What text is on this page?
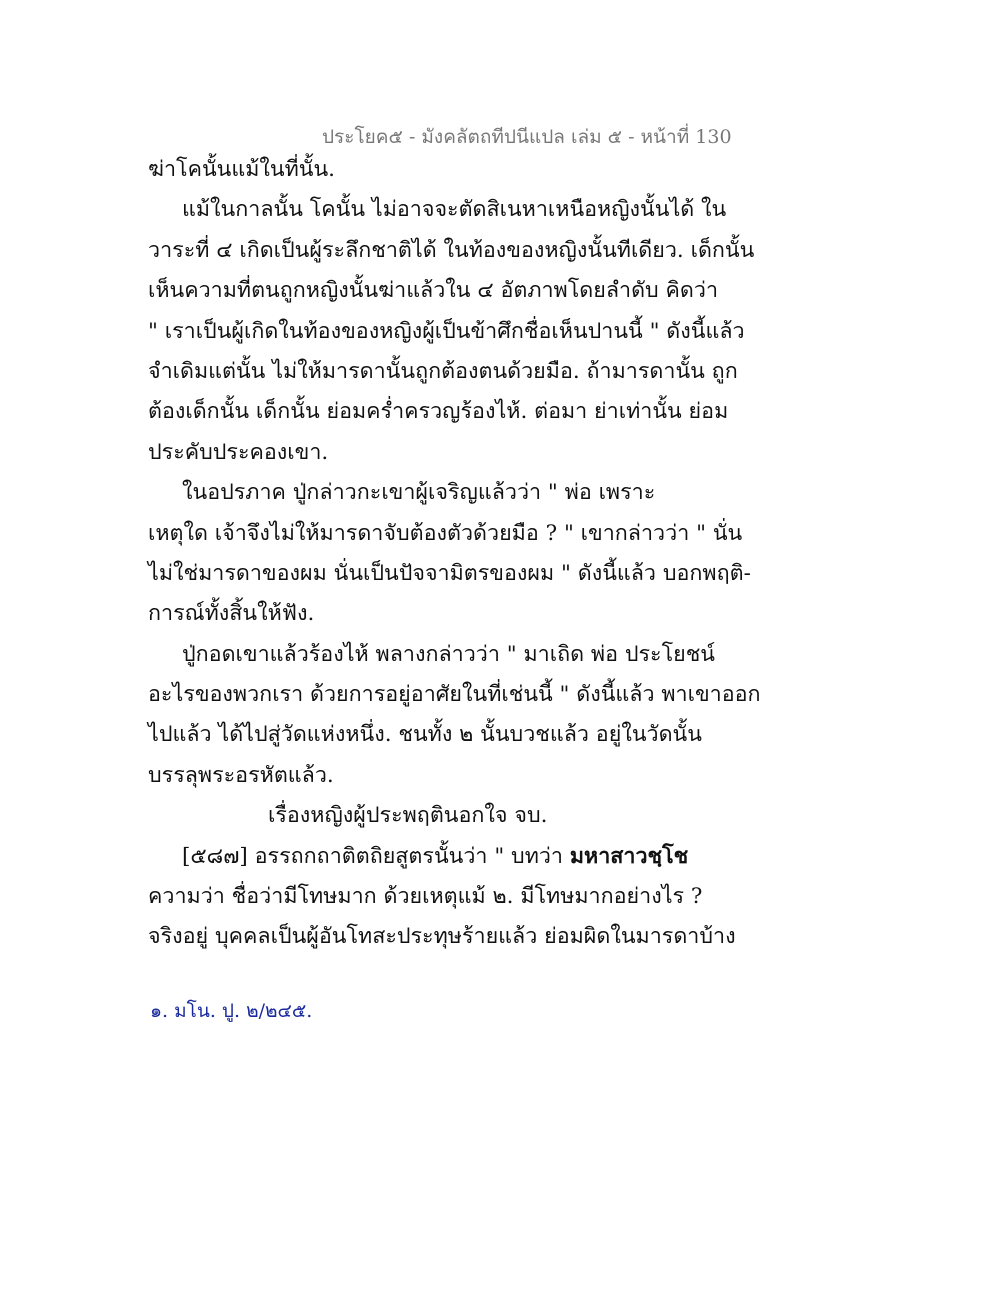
ประโยค๕ - มังคลัตถทีปนีแปล เล่ม ๕ - หน้าที่ 130
ฆ่าโคนั้นแม้ในที่นั้น.
แม้ในกาลนั้น โคนั้น ไม่อาจจะตัดสิเนหาเหนือหญิงนั้นได้ ใน
วาระที่ ๔ เกิดเป็นผู้ระลึกชาติได้ ในท้องของหญิงนั้นทีเดียว. เด็กนั้น
เห็นความที่ตนถูกหญิงนั้นฆ่าแล้วใน ๔ อัตภาพโดยลำดับ คิดว่า
" เราเป็นผู้เกิดในท้องของหญิงผู้เป็นข้าศึกชื่อเห็นปานนี้ " ดังนี้แล้ว
จำเดิมแต่นั้น ไม่ให้มารดานั้นถูกต้องตนด้วยมือ. ถ้ามารดานั้น ถูก
ต้องเด็กนั้น เด็กนั้น ย่อมคร่ำครวญร้องไห้. ต่อมา ย่าเท่านั้น ย่อม
ประคับประคองเขา.
ในอปรภาค ปู่กล่าวกะเขาผู้เจริญแล้วว่า " พ่อ เพราะ
เหตุใด เจ้าจึงไม่ให้มารดาจับต้องตัวด้วยมือ ? " เขากล่าวว่า " นั่น
ไม่ใช่มารดาของผม นั่นเป็นปัจจามิตรของผม " ดังนี้แล้ว บอกพฤติ-
การณ์ทั้งสิ้นให้ฟัง.
ปู่กอดเขาแล้วร้องไห้ พลางกล่าวว่า " มาเถิด พ่อ ประโยชน์
อะไรของพวกเรา ด้วยการอยู่อาศัยในที่เช่นนี้ " ดังนี้แล้ว พาเขาออก
ไปแล้ว ได้ไปสู่วัดแห่งหนึ่ง. ชนทั้ง ๒ นั้นบวชแล้ว อยู่ในวัดนั้น
บรรลุพระอรหัตแล้ว.
เรื่องหญิงผู้ประพฤตินอกใจ จบ.
[๕๘๗] อรรถกถาติตถิยสูตรนั้นว่า " บทว่า มหาสาวชฺโช
ความว่า ชื่อว่ามีโทษมาก ด้วยเหตุแม้ ๒. มีโทษมากอย่างไร ?
จริงอยู่ บุคคลเป็นผู้อันโทสะประทุษร้ายแล้ว ย่อมผิดในมารดาบ้าง
๑. มโน. ปู. ๒/๒๔๕.
